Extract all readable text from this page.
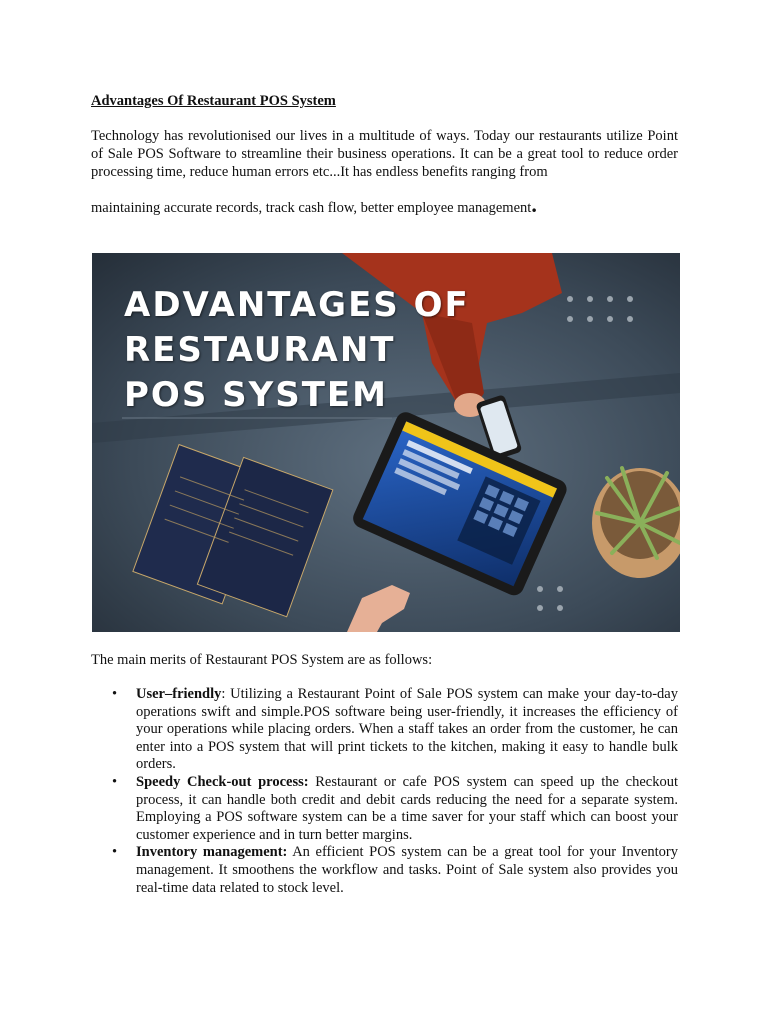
Advantages Of Restaurant POS System

Technology has revolutionised our lives in a multitude of ways. Today our restaurants utilize Point of Sale POS Software to streamline their business operations. It can be a great tool to reduce order processing time, reduce human errors etc...It has endless benefits ranging from

maintaining accurate records, track cash flow, better employee management.

ADVANTAGES OF
RESTAURANT
POS SYSTEM

The main merits of Restaurant POS System are as follows:

• User–friendly: Utilizing a Restaurant Point of Sale POS system can make your day-to-day operations swift and simple.POS software being user-friendly, it increases the efficiency of your operations while placing orders. When a staff takes an order from the customer, he can enter into a POS system that will print tickets to the kitchen, making it easy to handle bulk orders.
• Speedy Check-out process: Restaurant or cafe POS system can speed up the checkout process, it can handle both credit and debit cards reducing the need for a separate system. Employing a POS software system can be a time saver for your staff which can boost your customer experience and in turn better margins.
• Inventory management: An efficient POS system can be a great tool for your Inventory management. It smoothens the workflow and tasks. Point of Sale system also provides you real-time data related to stock level.
